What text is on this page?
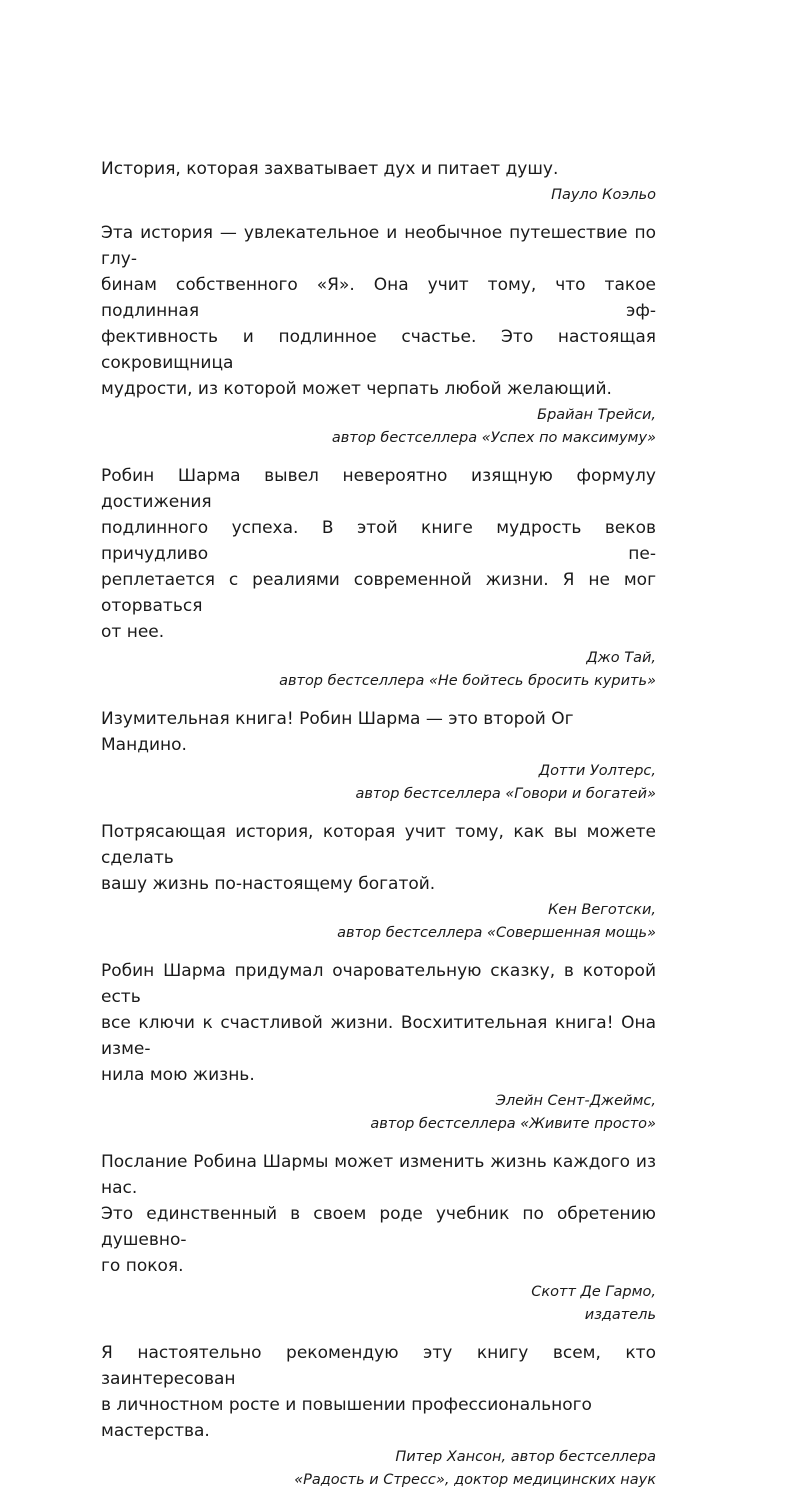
История, которая захватывает дух и питает душу.

Пауло Коэльо

Эта история — увлекательное и необычное путешествие по глу-
бинам собственного «Я». Она учит тому, что такое подлинная эф-
фективность и подлинное счастье. Это настоящая сокровищница
мудрости, из которой может черпать любой желающий.

Брайан Трейси,
автор бестселлера «Успех по максимуму»

Робин Шарма вывел невероятно изящную формулу достижения
подлинного успеха. В этой книге мудрость веков причудливо пе-
реплетается с реалиями современной жизни. Я не мог оторваться
от нее.

Джо Тай,
автор бестселлера «Не бойтесь бросить курить»

Изумительная книга! Робин Шарма — это второй Ог Мандино.

Дотти Уолтерс,
автор бестселлера «Говори и богатей»

Потрясающая история, которая учит тому, как вы можете сделать
вашу жизнь по-настоящему богатой.

Кен Веготски,
автор бестселлера «Совершенная мощь»

Робин Шарма придумал очаровательную сказку, в которой есть
все ключи к счастливой жизни. Восхитительная книга! Она изме-
нила мою жизнь.

Элейн Сент-Джеймс,
автор бестселлера «Живите просто»

Послание Робина Шармы может изменить жизнь каждого из нас.
Это единственный в своем роде учебник по обретению душевно-
го покоя.

Скотт Де Гармо,
издатель

Я настоятельно рекомендую эту книгу всем, кто заинтересован
в личностном росте и повышении профессионального мастерства.

Питер Хансон, автор бестселлера
«Радость и Стресс», доктор медицинских наук
